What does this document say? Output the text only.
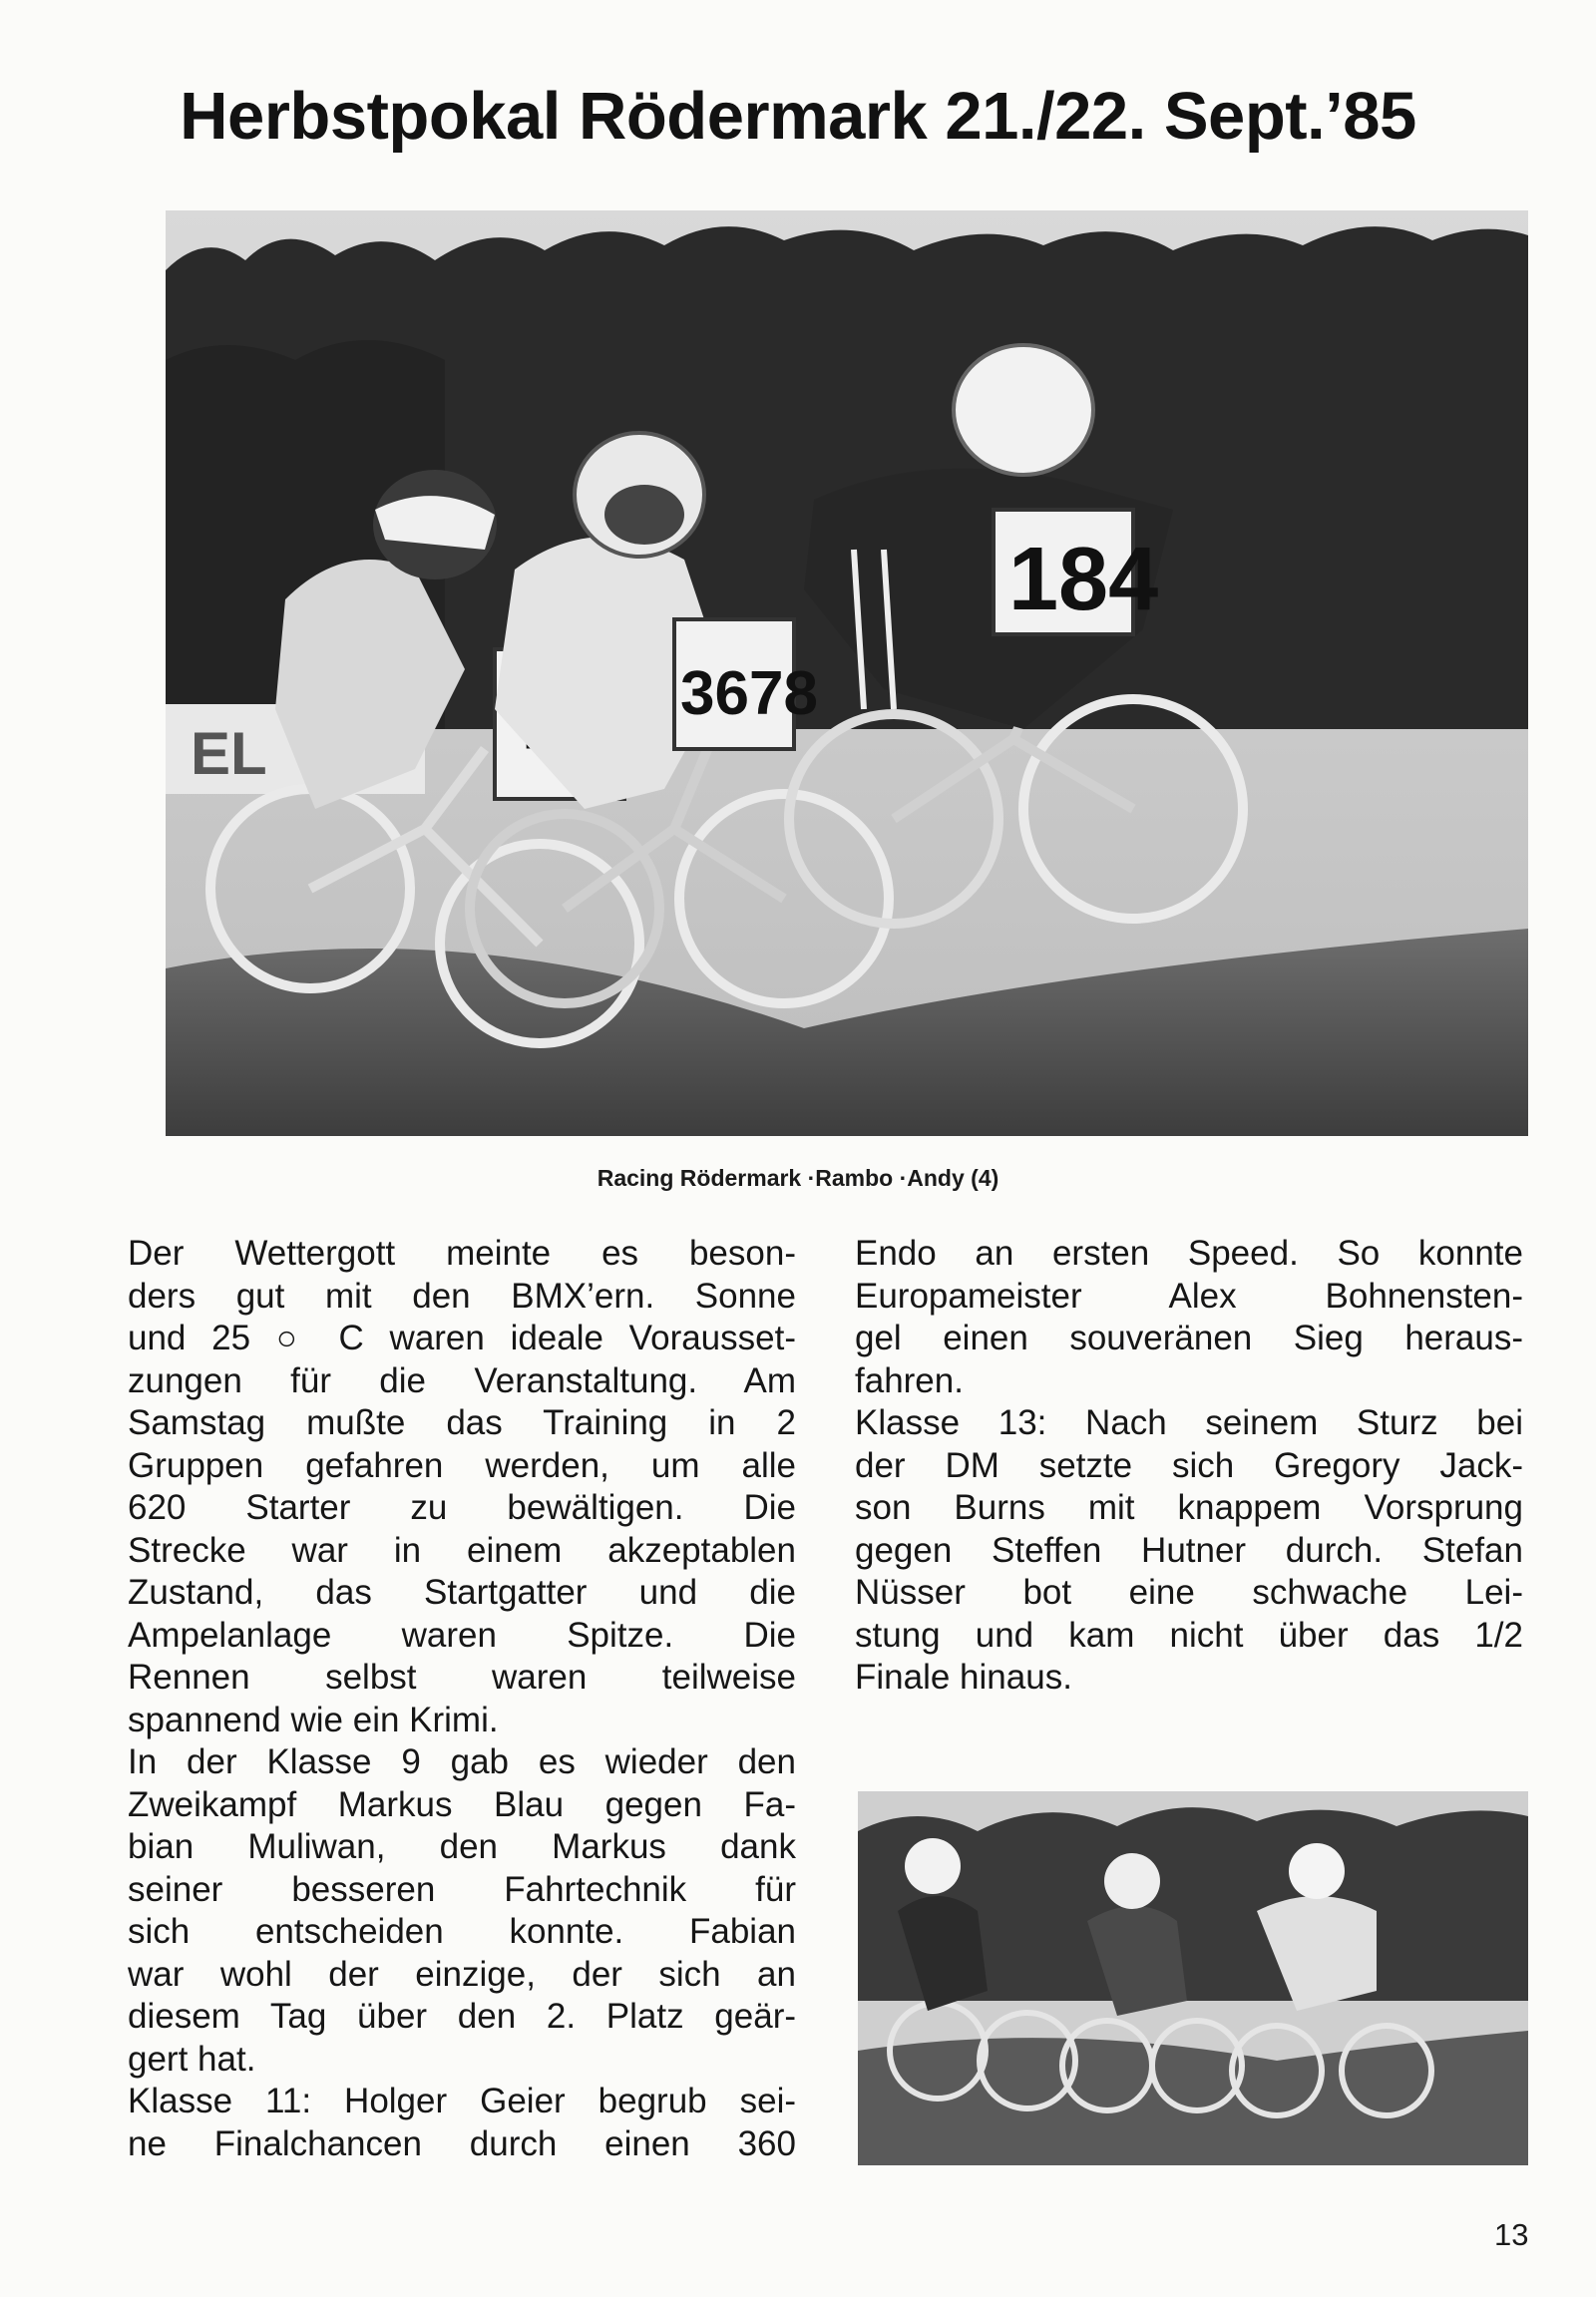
Herbstpokal Rödermark 21./22. Sept.’85
EL
3678
184
Racing Rödermark ·Rambo ·Andy (4)

Der Wettergott meinte es beson-
ders gut mit den BMX’ern. Sonne
und 25 ○ C waren ideale Vorausset-
zungen für die Veranstaltung. Am
Samstag mußte das Training in 2
Gruppen gefahren werden, um alle
620 Starter zu bewältigen. Die
Strecke war in einem akzeptablen
Zustand, das Startgatter und die
Ampelanlage waren Spitze. Die
Rennen selbst waren teilweise
spannend wie ein Krimi.

In der Klasse 9 gab es wieder den
Zweikampf Markus Blau gegen Fa-
bian Muliwan, den Markus dank
seiner besseren Fahrtechnik für
sich entscheiden konnte. Fabian
war wohl der einzige, der sich an
diesem Tag über den 2. Platz geär-
gert hat.

Klasse 11: Holger Geier begrub sei-
ne Finalchancen durch einen 360

Endo an ersten Speed. So konnte
Europameister Alex Bohnensten-
gel einen souveränen Sieg heraus-
fahren.

Klasse 13: Nach seinem Sturz bei
der DM setzte sich Gregory Jack-
son Burns mit knappem Vorsprung
gegen Steffen Hutner durch. Stefan
Nüsser bot eine schwache Lei-
stung und kam nicht über das 1/2
Finale hinaus.

13
